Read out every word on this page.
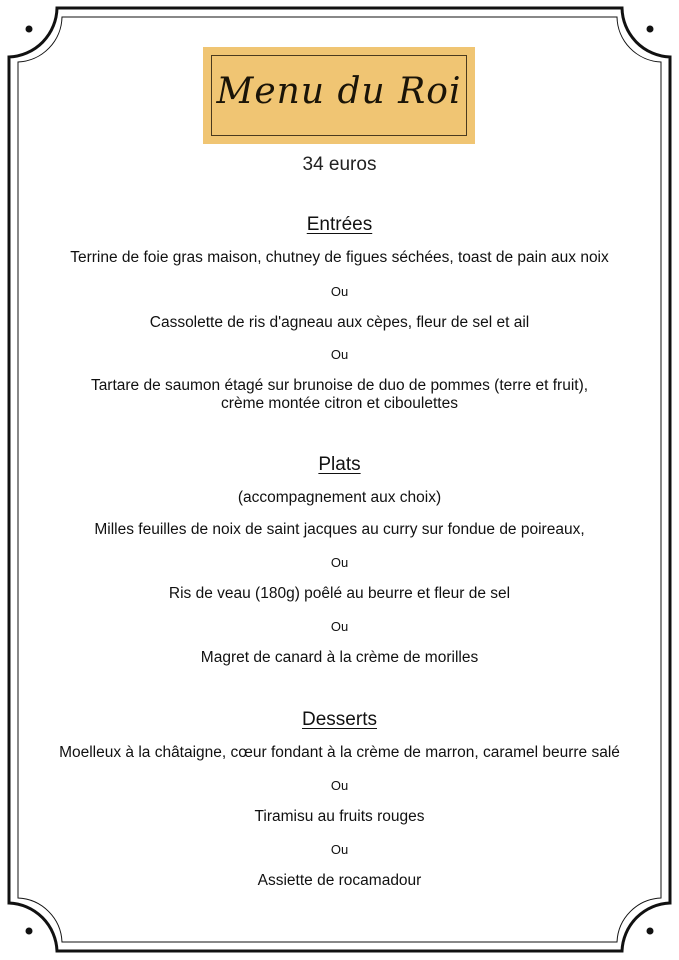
Menu du Roi
34 euros
Entrées
Terrine de foie gras maison, chutney de figues séchées, toast de pain aux noix
Ou
Cassolette de ris d'agneau aux cèpes, fleur de sel et ail
Ou
Tartare de saumon étagé sur brunoise de duo de pommes (terre et fruit),
crème montée citron et ciboulettes
Plats
(accompagnement aux choix)
Milles feuilles de noix de saint jacques au curry sur fondue de poireaux,
Ou
Ris de veau (180g) poêlé au beurre et fleur de sel
Ou
Magret de canard à la crème de morilles
Desserts
Moelleux à la châtaigne, cœur fondant à la crème de marron, caramel beurre salé
Ou
Tiramisu au fruits rouges
Ou
Assiette de rocamadour
